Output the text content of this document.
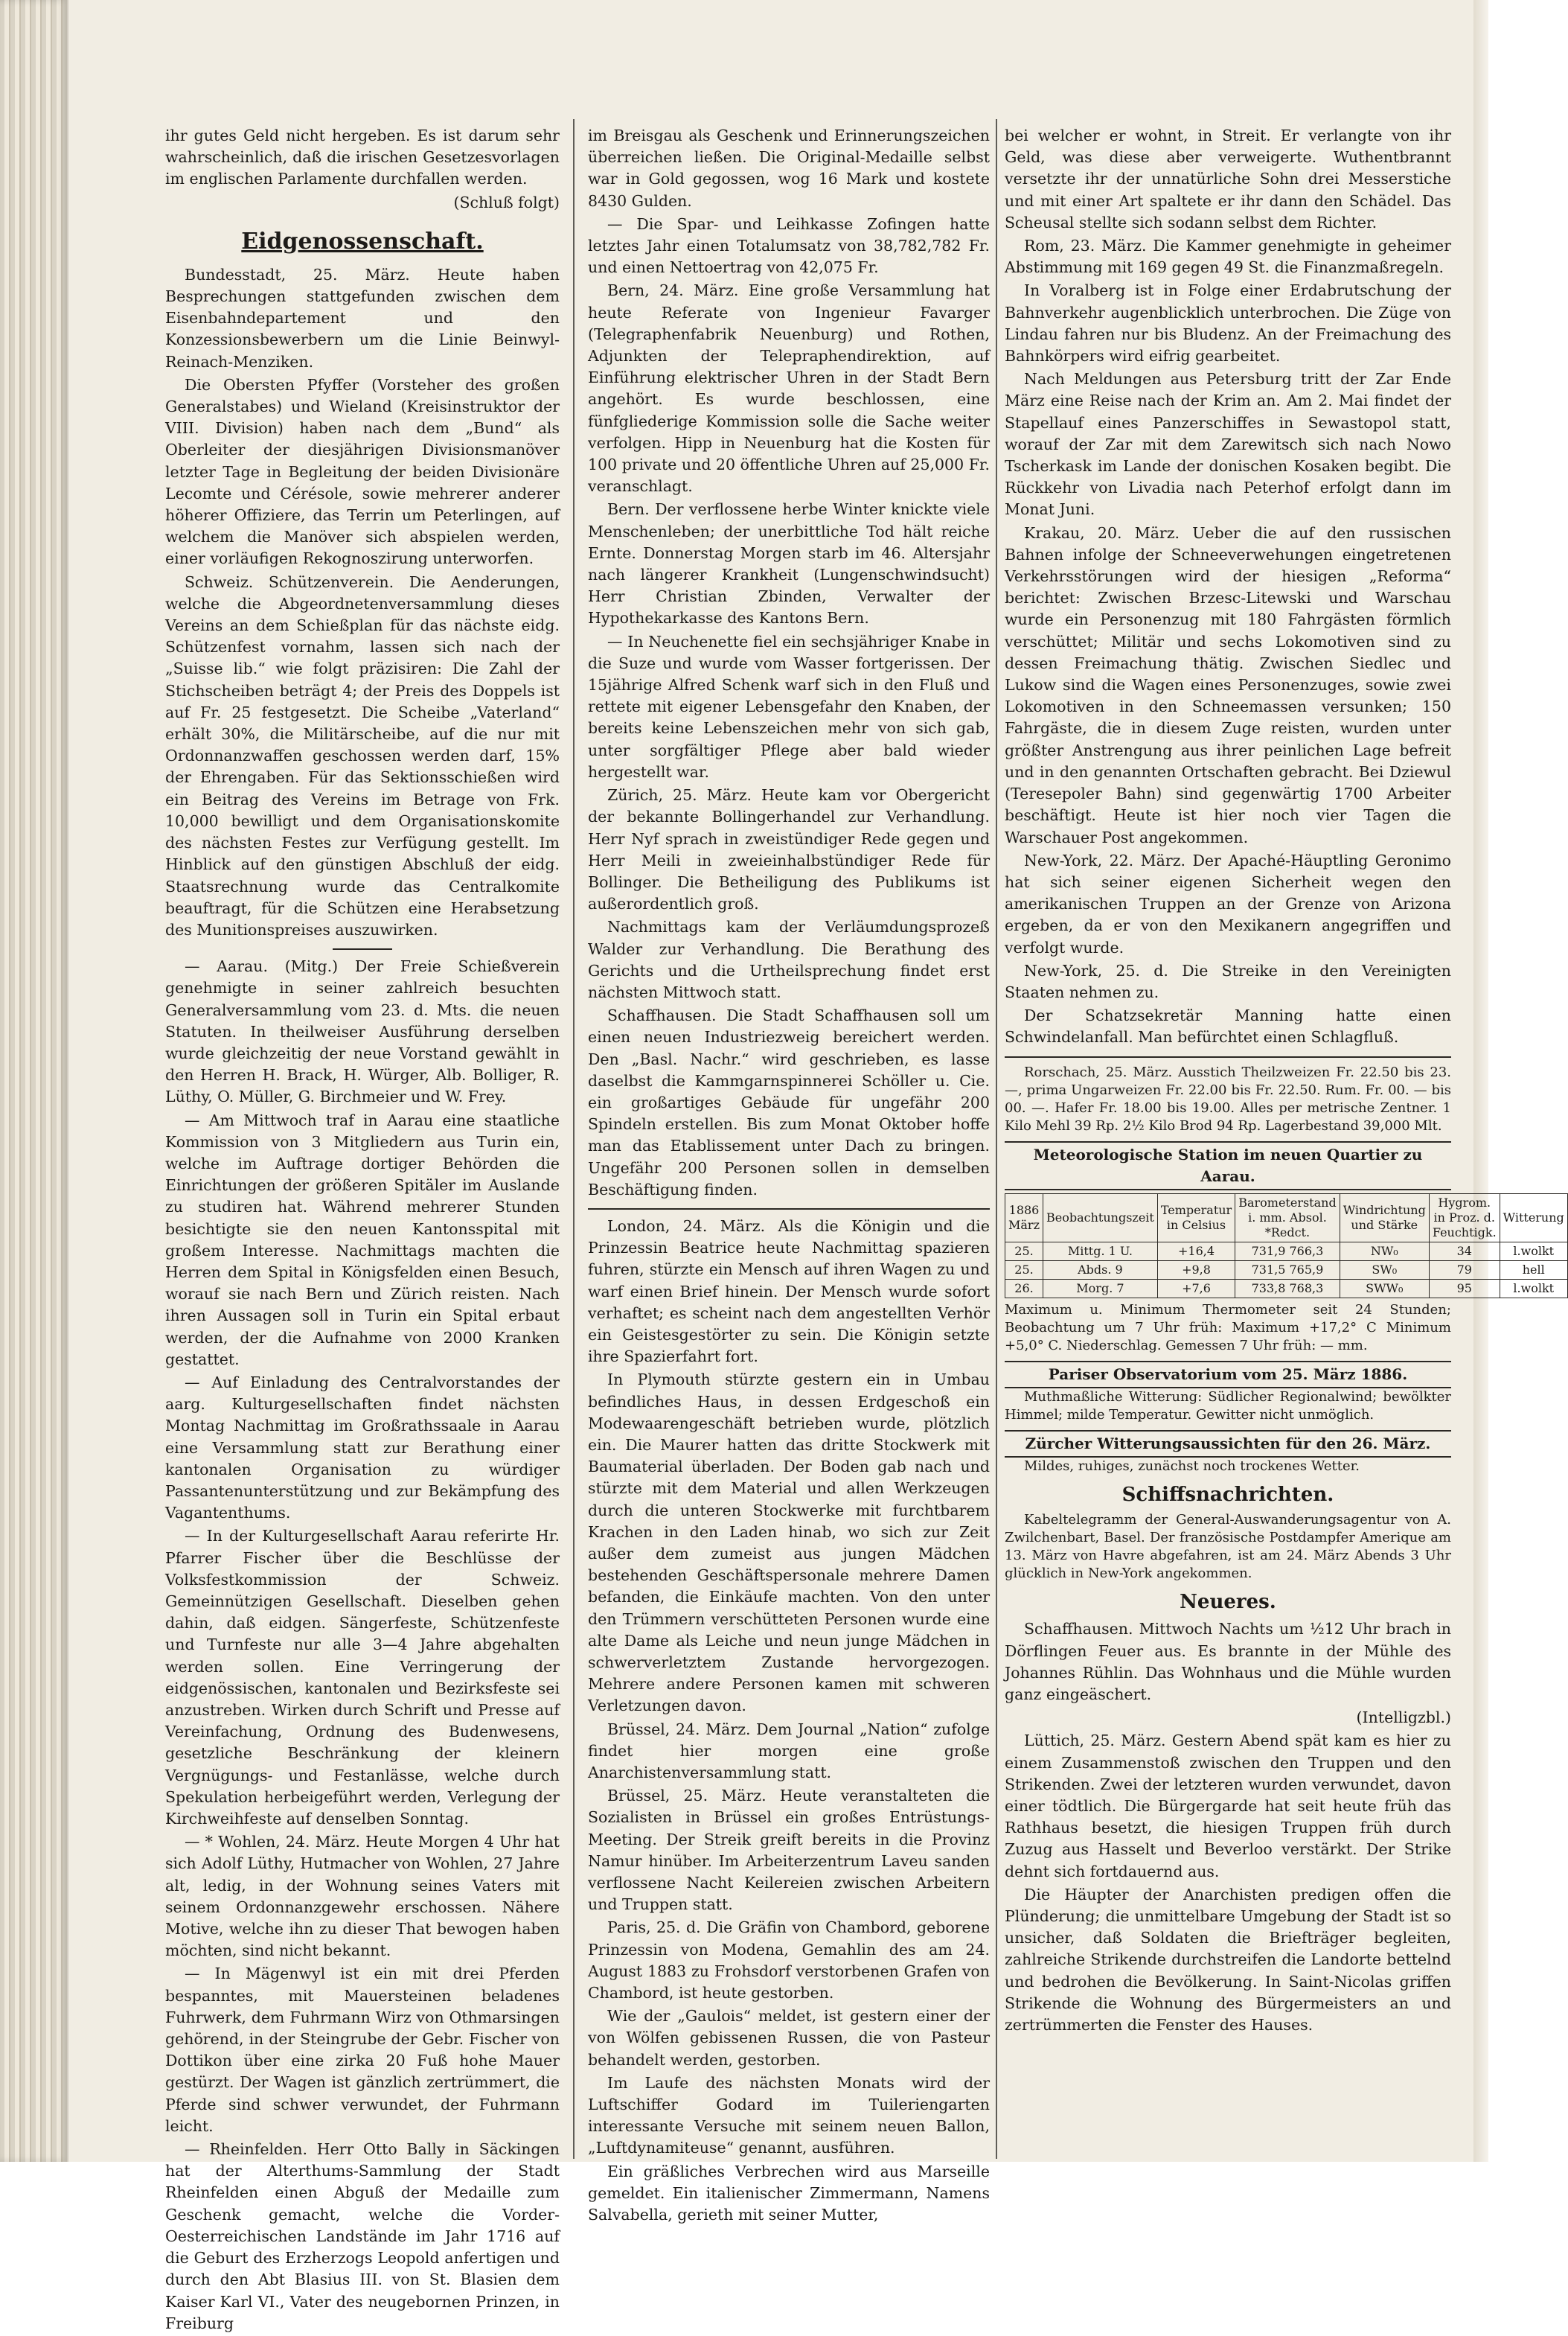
ihr gutes Geld nicht hergeben. Es ist darum sehr wahrscheinlich, daß die irischen Gesetzesvorlagen im englischen Parlamente durchfallen werden.

(Schluß folgt)

Eidgenossenschaft.

Bundesstadt, 25. März. Heute haben Besprechungen stattgefunden zwischen dem Eisenbahndepartement und den Konzessionsbewerbern um die Linie Beinwyl-Reinach-Menziken.

Die Obersten Pfyffer (Vorsteher des großen Generalstabes) und Wieland (Kreisinstruktor der VIII. Division) haben nach dem „Bund“ als Oberleiter der diesjährigen Divisionsmanöver letzter Tage in Begleitung der beiden Divisionäre Lecomte und Cérésole, sowie mehrerer anderer höherer Offiziere, das Terrin um Peterlingen, auf welchem die Manöver sich abspielen werden, einer vorläufigen Rekognoszirung unterworfen.

Schweiz. Schützenverein. Die Aenderungen, welche die Abgeordnetenversammlung dieses Vereins an dem Schießplan für das nächste eidg. Schützenfest vornahm, lassen sich nach der „Suisse lib.“ wie folgt präzisiren: Die Zahl der Stichscheiben beträgt 4; der Preis des Doppels ist auf Fr. 25 festgesetzt. Die Scheibe „Vaterland“ erhält 30%, die Militärscheibe, auf die nur mit Ordonnanzwaffen geschossen werden darf, 15% der Ehrengaben. Für das Sektionsschießen wird ein Beitrag des Vereins im Betrage von Frk. 10,000 bewilligt und dem Organisationskomite des nächsten Festes zur Verfügung gestellt. Im Hinblick auf den günstigen Abschluß der eidg. Staatsrechnung wurde das Centralkomite beauftragt, für die Schützen eine Herabsetzung des Munitionspreises auszuwirken.

— Aarau. (Mitg.) Der Freie Schießverein genehmigte in seiner zahlreich besuchten Generalversammlung vom 23. d. Mts. die neuen Statuten. In theilweiser Ausführung derselben wurde gleichzeitig der neue Vorstand gewählt in den Herren H. Brack, H. Würger, Alb. Bolliger, R. Lüthy, O. Müller, G. Birchmeier und W. Frey.

— Am Mittwoch traf in Aarau eine staatliche Kommission von 3 Mitgliedern aus Turin ein, welche im Auftrage dortiger Behörden die Einrichtungen der größeren Spitäler im Auslande zu studiren hat. Während mehrerer Stunden besichtigte sie den neuen Kantonsspital mit großem Interesse. Nachmittags machten die Herren dem Spital in Königsfelden einen Besuch, worauf sie nach Bern und Zürich reisten. Nach ihren Aussagen soll in Turin ein Spital erbaut werden, der die Aufnahme von 2000 Kranken gestattet.

— Auf Einladung des Centralvorstandes der aarg. Kulturgesellschaften findet nächsten Montag Nachmittag im Großrathssaale in Aarau eine Versammlung statt zur Berathung einer kantonalen Organisation zu würdiger Passantenunterstützung und zur Bekämpfung des Vagantenthums.

— In der Kulturgesellschaft Aarau referirte Hr. Pfarrer Fischer über die Beschlüsse der Volksfestkommission der Schweiz. Gemeinnützigen Gesellschaft. Dieselben gehen dahin, daß eidgen. Sängerfeste, Schützenfeste und Turnfeste nur alle 3—4 Jahre abgehalten werden sollen. Eine Verringerung der eidgenössischen, kantonalen und Bezirksfeste sei anzustreben. Wirken durch Schrift und Presse auf Vereinfachung, Ordnung des Budenwesens, gesetzliche Beschränkung der kleinern Vergnügungs- und Festanlässe, welche durch Spekulation herbeigeführt werden, Verlegung der Kirchweihfeste auf denselben Sonntag.

— * Wohlen, 24. März. Heute Morgen 4 Uhr hat sich Adolf Lüthy, Hutmacher von Wohlen, 27 Jahre alt, ledig, in der Wohnung seines Vaters mit seinem Ordonnanzgewehr erschossen. Nähere Motive, welche ihn zu dieser That bewogen haben möchten, sind nicht bekannt.

— In Mägenwyl ist ein mit drei Pferden bespanntes, mit Mauersteinen beladenes Fuhrwerk, dem Fuhrmann Wirz von Othmarsingen gehörend, in der Steingrube der Gebr. Fischer von Dottikon über eine zirka 20 Fuß hohe Mauer gestürzt. Der Wagen ist gänzlich zertrümmert, die Pferde sind schwer verwundet, der Fuhrmann leicht.

— Rheinfelden. Herr Otto Bally in Säckingen hat der Alterthums-Sammlung der Stadt Rheinfelden einen Abguß der Medaille zum Geschenk gemacht, welche die Vorder-Oesterreichischen Landstände im Jahr 1716 auf die Geburt des Erzherzogs Leopold anfertigen und durch den Abt Blasius III. von St. Blasien dem Kaiser Karl VI., Vater des neugebornen Prinzen, in Freiburg

im Breisgau als Geschenk und Erinnerungszeichen überreichen ließen. Die Original-Medaille selbst war in Gold gegossen, wog 16 Mark und kostete 8430 Gulden.

— Die Spar- und Leihkasse Zofingen hatte letztes Jahr einen Totalumsatz von 38,782,782 Fr. und einen Nettoertrag von 42,075 Fr.

Bern, 24. März. Eine große Versammlung hat heute Referate von Ingenieur Favarger (Telegraphenfabrik Neuenburg) und Rothen, Adjunkten der Telepraphendirektion, auf Einführung elektrischer Uhren in der Stadt Bern angehört. Es wurde beschlossen, eine fünfgliederige Kommission solle die Sache weiter verfolgen. Hipp in Neuenburg hat die Kosten für 100 private und 20 öffentliche Uhren auf 25,000 Fr. veranschlagt.

Bern. Der verflossene herbe Winter knickte viele Menschenleben; der unerbittliche Tod hält reiche Ernte. Donnerstag Morgen starb im 46. Altersjahr nach längerer Krankheit (Lungenschwindsucht) Herr Christian Zbinden, Verwalter der Hypothekarkasse des Kantons Bern.

— In Neuchenette fiel ein sechsjähriger Knabe in die Suze und wurde vom Wasser fortgerissen. Der 15jährige Alfred Schenk warf sich in den Fluß und rettete mit eigener Lebensgefahr den Knaben, der bereits keine Lebenszeichen mehr von sich gab, unter sorgfältiger Pflege aber bald wieder hergestellt war.

Zürich, 25. März. Heute kam vor Obergericht der bekannte Bollingerhandel zur Verhandlung. Herr Nyf sprach in zweistündiger Rede gegen und Herr Meili in zweieinhalbstündiger Rede für Bollinger. Die Betheiligung des Publikums ist außerordentlich groß.

Nachmittags kam der Verläumdungsprozeß Walder zur Verhandlung. Die Berathung des Gerichts und die Urtheilsprechung findet erst nächsten Mittwoch statt.

Schaffhausen. Die Stadt Schaffhausen soll um einen neuen Industriezweig bereichert werden. Den „Basl. Nachr.“ wird geschrieben, es lasse daselbst die Kammgarnspinnerei Schöller u. Cie. ein großartiges Gebäude für ungefähr 200 Spindeln erstellen. Bis zum Monat Oktober hoffe man das Etablissement unter Dach zu bringen. Ungefähr 200 Personen sollen in demselben Beschäftigung finden.

London, 24. März. Als die Königin und die Prinzessin Beatrice heute Nachmittag spazieren fuhren, stürzte ein Mensch auf ihren Wagen zu und warf einen Brief hinein. Der Mensch wurde sofort verhaftet; es scheint nach dem angestellten Verhör ein Geistesgestörter zu sein. Die Königin setzte ihre Spazierfahrt fort.

In Plymouth stürzte gestern ein in Umbau befindliches Haus, in dessen Erdgeschoß ein Modewaarengeschäft betrieben wurde, plötzlich ein. Die Maurer hatten das dritte Stockwerk mit Baumaterial überladen. Der Boden gab nach und stürzte mit dem Material und allen Werkzeugen durch die unteren Stockwerke mit furchtbarem Krachen in den Laden hinab, wo sich zur Zeit außer dem zumeist aus jungen Mädchen bestehenden Geschäftspersonale mehrere Damen befanden, die Einkäufe machten. Von den unter den Trümmern verschütteten Personen wurde eine alte Dame als Leiche und neun junge Mädchen in schwerverletztem Zustande hervorgezogen. Mehrere andere Personen kamen mit schweren Verletzungen davon.

Brüssel, 24. März. Dem Journal „Nation“ zufolge findet hier morgen eine große Anarchistenversammlung statt.

Brüssel, 25. März. Heute veranstalteten die Sozialisten in Brüssel ein großes Entrüstungs-Meeting. Der Streik greift bereits in die Provinz Namur hinüber. Im Arbeiterzentrum Laveu sanden verflossene Nacht Keilereien zwischen Arbeitern und Truppen statt.

Paris, 25. d. Die Gräfin von Chambord, geborene Prinzessin von Modena, Gemahlin des am 24. August 1883 zu Frohsdorf verstorbenen Grafen von Chambord, ist heute gestorben.

Wie der „Gaulois“ meldet, ist gestern einer der von Wölfen gebissenen Russen, die von Pasteur behandelt werden, gestorben.

Im Laufe des nächsten Monats wird der Luftschiffer Godard im Tuileriengarten interessante Versuche mit seinem neuen Ballon, „Luftdynamiteuse“ genannt, ausführen.

Ein gräßliches Verbrechen wird aus Marseille gemeldet. Ein italienischer Zimmermann, Namens Salvabella, gerieth mit seiner Mutter,

bei welcher er wohnt, in Streit. Er verlangte von ihr Geld, was diese aber verweigerte. Wuthentbrannt versetzte ihr der unnatürliche Sohn drei Messerstiche und mit einer Art spaltete er ihr dann den Schädel. Das Scheusal stellte sich sodann selbst dem Richter.

Rom, 23. März. Die Kammer genehmigte in geheimer Abstimmung mit 169 gegen 49 St. die Finanzmaßregeln.

In Voralberg ist in Folge einer Erdabrutschung der Bahnverkehr augenblicklich unterbrochen. Die Züge von Lindau fahren nur bis Bludenz. An der Freimachung des Bahnkörpers wird eifrig gearbeitet.

Nach Meldungen aus Petersburg tritt der Zar Ende März eine Reise nach der Krim an. Am 2. Mai findet der Stapellauf eines Panzerschiffes in Sewastopol statt, worauf der Zar mit dem Zarewitsch sich nach Nowo Tscherkask im Lande der donischen Kosaken begibt. Die Rückkehr von Livadia nach Peterhof erfolgt dann im Monat Juni.

Krakau, 20. März. Ueber die auf den russischen Bahnen infolge der Schneeverwehungen eingetretenen Verkehrsstörungen wird der hiesigen „Reforma“ berichtet: Zwischen Brzesc-Litewski und Warschau wurde ein Personenzug mit 180 Fahrgästen förmlich verschüttet; Militär und sechs Lokomotiven sind zu dessen Freimachung thätig. Zwischen Siedlec und Lukow sind die Wagen eines Personenzuges, sowie zwei Lokomotiven in den Schneemassen versunken; 150 Fahrgäste, die in diesem Zuge reisten, wurden unter größter Anstrengung aus ihrer peinlichen Lage befreit und in den genannten Ortschaften gebracht. Bei Dziewul (Teresepoler Bahn) sind gegenwärtig 1700 Arbeiter beschäftigt. Heute ist hier noch vier Tagen die Warschauer Post angekommen.

New-York, 22. März. Der Apaché-Häuptling Geronimo hat sich seiner eigenen Sicherheit wegen den amerikanischen Truppen an der Grenze von Arizona ergeben, da er von den Mexikanern angegriffen und verfolgt wurde.

New-York, 25. d. Die Streike in den Vereinigten Staaten nehmen zu.

Der Schatzsekretär Manning hatte einen Schwindelanfall. Man befürchtet einen Schlagfluß.

Rorschach, 25. März. Ausstich Theilzweizen Fr. 22.50 bis 23.—, prima Ungarweizen Fr. 22.00 bis Fr. 22.50. Rum. Fr. 00. — bis 00. —. Hafer Fr. 18.00 bis 19.00. Alles per metrische Zentner. 1 Kilo Mehl 39 Rp. 2½ Kilo Brod 94 Rp. Lagerbestand 39,000 Mlt.

Meteorologische Station im neuen Quartier zu Aarau.
1886 März	Beobachtungszeit	Temperatur in Celsius	Barometerstand i. mm. Absol. *Redct.	Windrichtung und Stärke	Hygrom. in Proz. d. Feuchtigk.	Witterung
25.	Mittg. 1 U.	+16,4	731,9 766,3	NW₀	34	l.wolkt
25.	Abds. 9	+9,8	731,5 765,9	SW₀	79	hell
26.	Morg. 7	+7,6	733,8 768,3	SWW₀	95	l.wolkt

Maximum u. Minimum Thermometer seit 24 Stunden; Beobachtung um 7 Uhr früh: Maximum +17,2° C Minimum +5,0° C. Niederschlag. Gemessen 7 Uhr früh: — mm.

Pariser Observatorium vom 25. März 1886.

Muthmaßliche Witterung: Südlicher Regionalwind; bewölkter Himmel; milde Temperatur. Gewitter nicht unmöglich.

Zürcher Witterungsaussichten für den 26. März.

Mildes, ruhiges, zunächst noch trockenes Wetter.

Schiffsnachrichten.

Kabeltelegramm der General-Auswanderungsagentur von A. Zwilchenbart, Basel. Der französische Postdampfer Amerique am 13. März von Havre abgefahren, ist am 24. März Abends 3 Uhr glücklich in New-York angekommen.

Neueres.

Schaffhausen. Mittwoch Nachts um ½12 Uhr brach in Dörflingen Feuer aus. Es brannte in der Mühle des Johannes Rühlin. Das Wohnhaus und die Mühle wurden ganz eingeäschert.

(Intelligzbl.)

Lüttich, 25. März. Gestern Abend spät kam es hier zu einem Zusammenstoß zwischen den Truppen und den Strikenden. Zwei der letzteren wurden verwundet, davon einer tödtlich. Die Bürgergarde hat seit heute früh das Rathhaus besetzt, die hiesigen Truppen früh durch Zuzug aus Hasselt und Beverloo verstärkt. Der Strike dehnt sich fortdauernd aus.

Die Häupter der Anarchisten predigen offen die Plünderung; die unmittelbare Umgebung der Stadt ist so unsicher, daß Soldaten die Briefträger begleiten, zahlreiche Strikende durchstreifen die Landorte bettelnd und bedrohen die Bevölkerung. In Saint-Nicolas griffen Strikende die Wohnung des Bürgermeisters an und zertrümmerten die Fenster des Hauses.
